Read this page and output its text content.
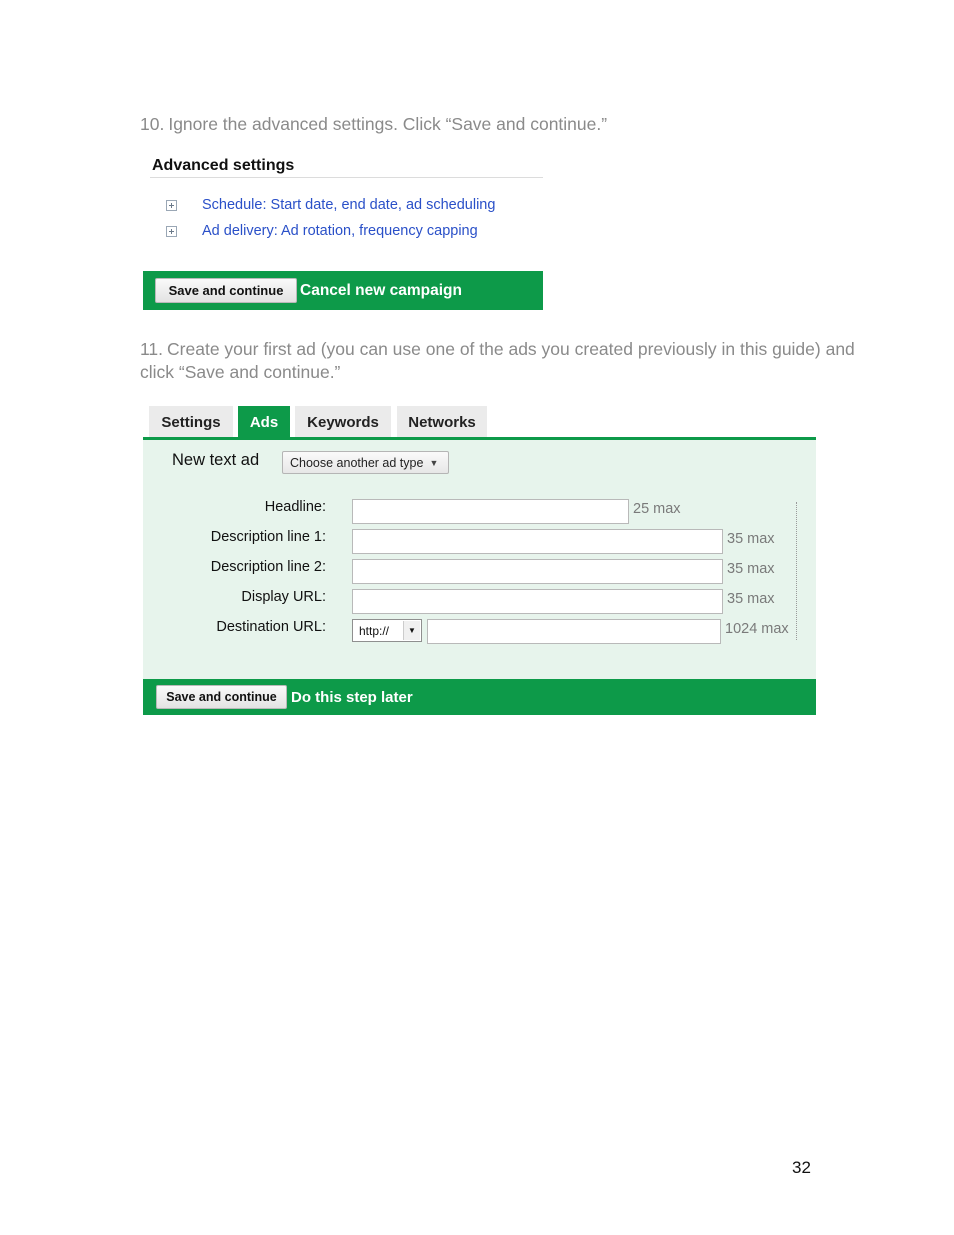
10. Ignore the advanced settings. Click “Save and continue.”
Advanced settings
Schedule: Start date, end date, ad scheduling
Ad delivery: Ad rotation, frequency capping
Save and continue	Cancel new campaign
11. Create your first ad (you can use one of the ads you created previously in this guide) and click “Save and continue.”
Settings	Ads	Keywords	Networks
New text ad Choose another ad type ▼
Headline:	25 max
Description line 1:	35 max
Description line 2:	35 max
Display URL:	35 max
Destination URL:	http://	▼	1024 max
Save and continue Do this step later
32
